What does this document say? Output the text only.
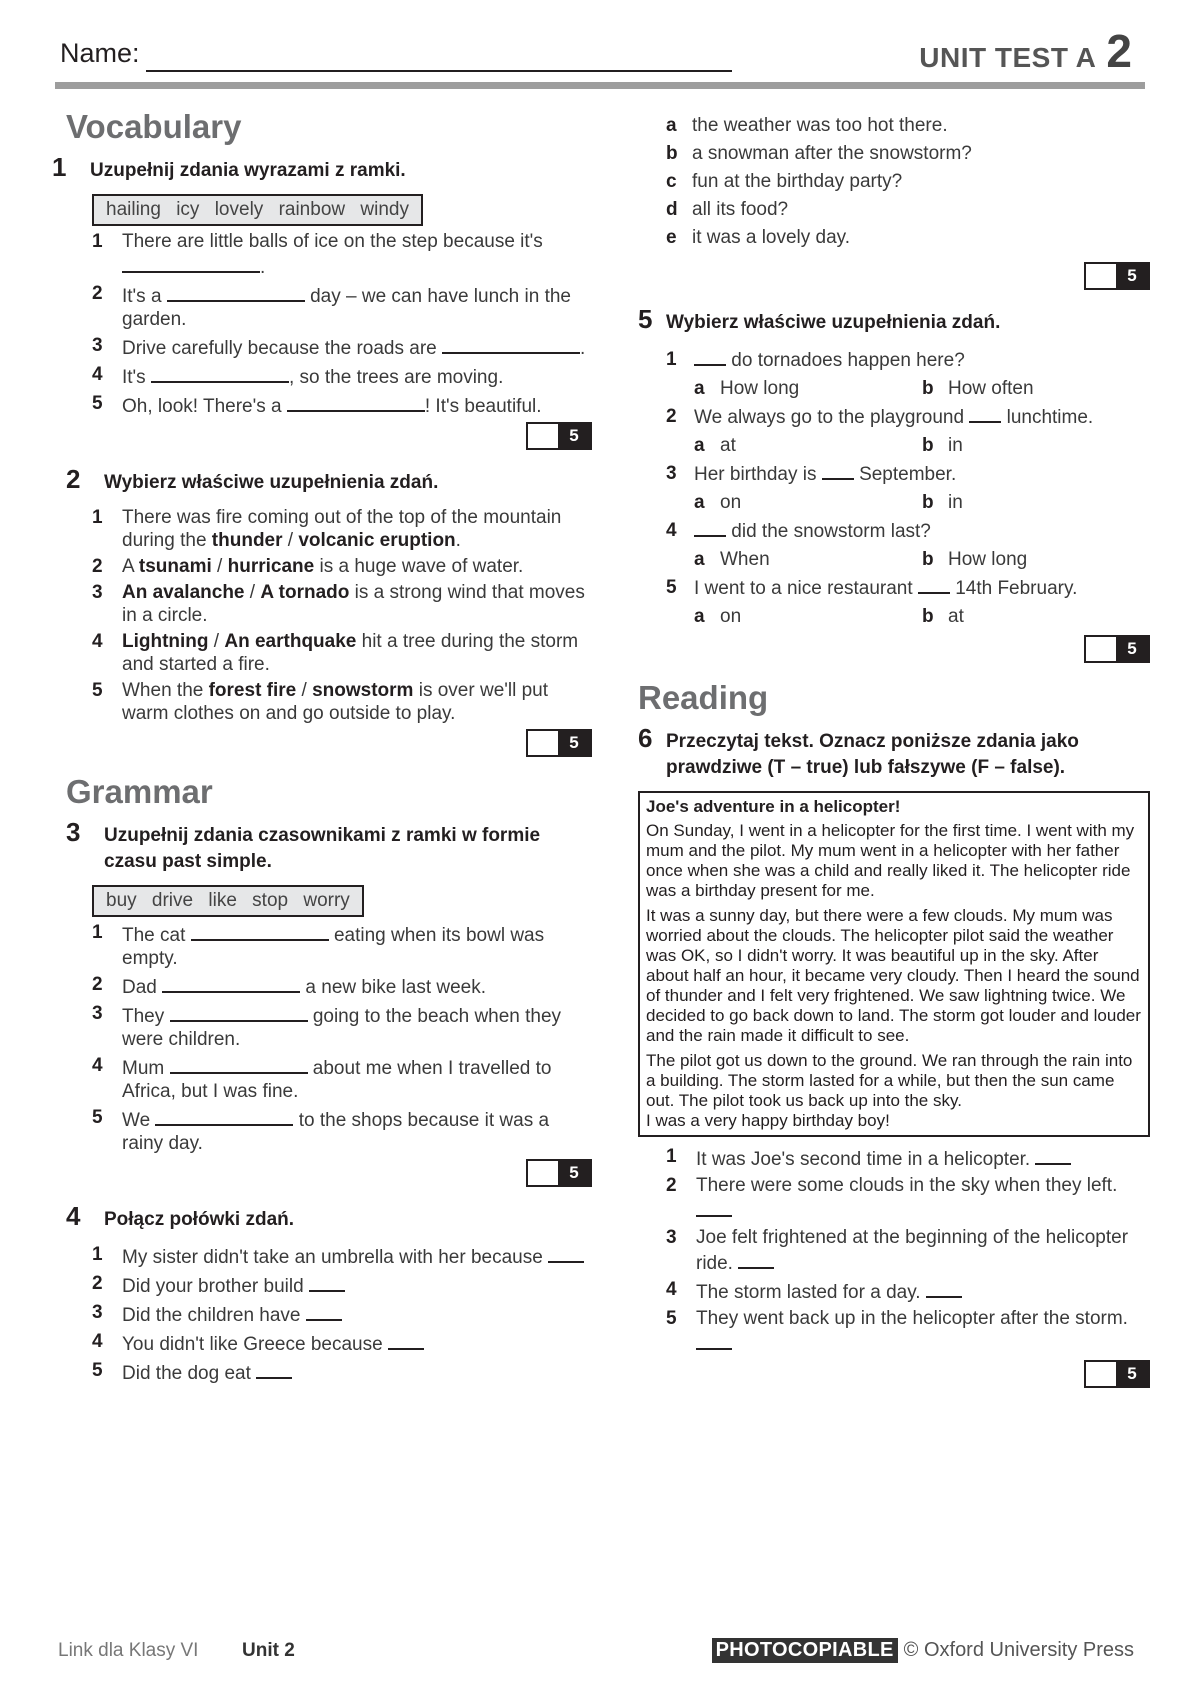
Name:	UNIT TEST A 2
Vocabulary
1	Uzupełnij zdania wyrazami z ramki.
hailing icy lovely rainbow windy
1	There are little balls of ice on the step because it's .
2	It's a	day – we can have lunch in the garden.
3	Drive carefully because the roads are	.
4	It's	, so the trees are moving.
5	Oh, look! There's a	! It's beautiful.
5
2	Wybierz właściwe uzupełnienia zdań.
1	There was fire coming out of the top of the mountain during the thunder / volcanic eruption.
2	A tsunami / hurricane is a huge wave of water.
3	An avalanche / A tornado is a strong wind that moves in a circle.
4	Lightning / An earthquake hit a tree during the storm and started a fire.
5	When the forest fire / snowstorm is over we'll put warm clothes on and go outside to play.
5
Grammar
3	Uzupełnij zdania czasownikami z ramki w formie czasu past simple.
buy drive like stop worry
1	The cat	eating when its bowl was empty.
2	Dad	a new bike last week.
3	They	going to the beach when they were children.
4	Mum	about me when I travelled to Africa, but I was fine.
5	We	to the shops because it was a rainy day.
5
4	Połącz połówki zdań.
1	My sister didn't take an umbrella with her because
2	Did your brother build
3	Did the children have
4	You didn't like Greece because
5	Did the dog eat
a the weather was too hot there.
b a snowman after the snowstorm?
c fun at the birthday party?
d all its food?
e it was a lovely day.
5
5 Wybierz właściwe uzupełnienia zdań.
1	do tornadoes happen here?
a How long	b How often
2 We always go to the playground lunchtime.
a at	b in
3 Her birthday is September.
a on	b in
4	did the snowstorm last?
a When	b How long
5 I went to a nice restaurant 14th February.
a on	b at
5
Reading
6 Przeczytaj tekst. Oznacz poniższe zdania jako prawdziwe (T – true) lub fałszywe (F – false).
Joe's adventure in a helicopter!

On Sunday, I went in a helicopter for the first time. I went with my mum and the pilot. My mum went in a helicopter with her father once when she was a child and really liked it. The helicopter ride was a birthday present for me.

It was a sunny day, but there were a few clouds. My mum was worried about the clouds. The helicopter pilot said the weather was OK, so I didn't worry. It was beautiful up in the sky. After about half an hour, it became very cloudy. Then I heard the sound of thunder and I felt very frightened. We saw lightning twice. We decided to go back down to land. The storm got louder and louder and the rain made it difficult to see.

The pilot got us down to the ground. We ran through the rain into a building. The storm lasted for a while, but then the sun came out. The pilot took us back up into the sky.

I was a very happy birthday boy!

1	It was Joe's second time in a helicopter.
2	There were some clouds in the sky when they left.
3	Joe felt frightened at the beginning of the helicopter ride.
4	The storm lasted for a day.
5	They went back up in the helicopter after the storm.
5
Link dla Klasy VI Unit 2	PHOTOCOPIABLE © Oxford University Press
